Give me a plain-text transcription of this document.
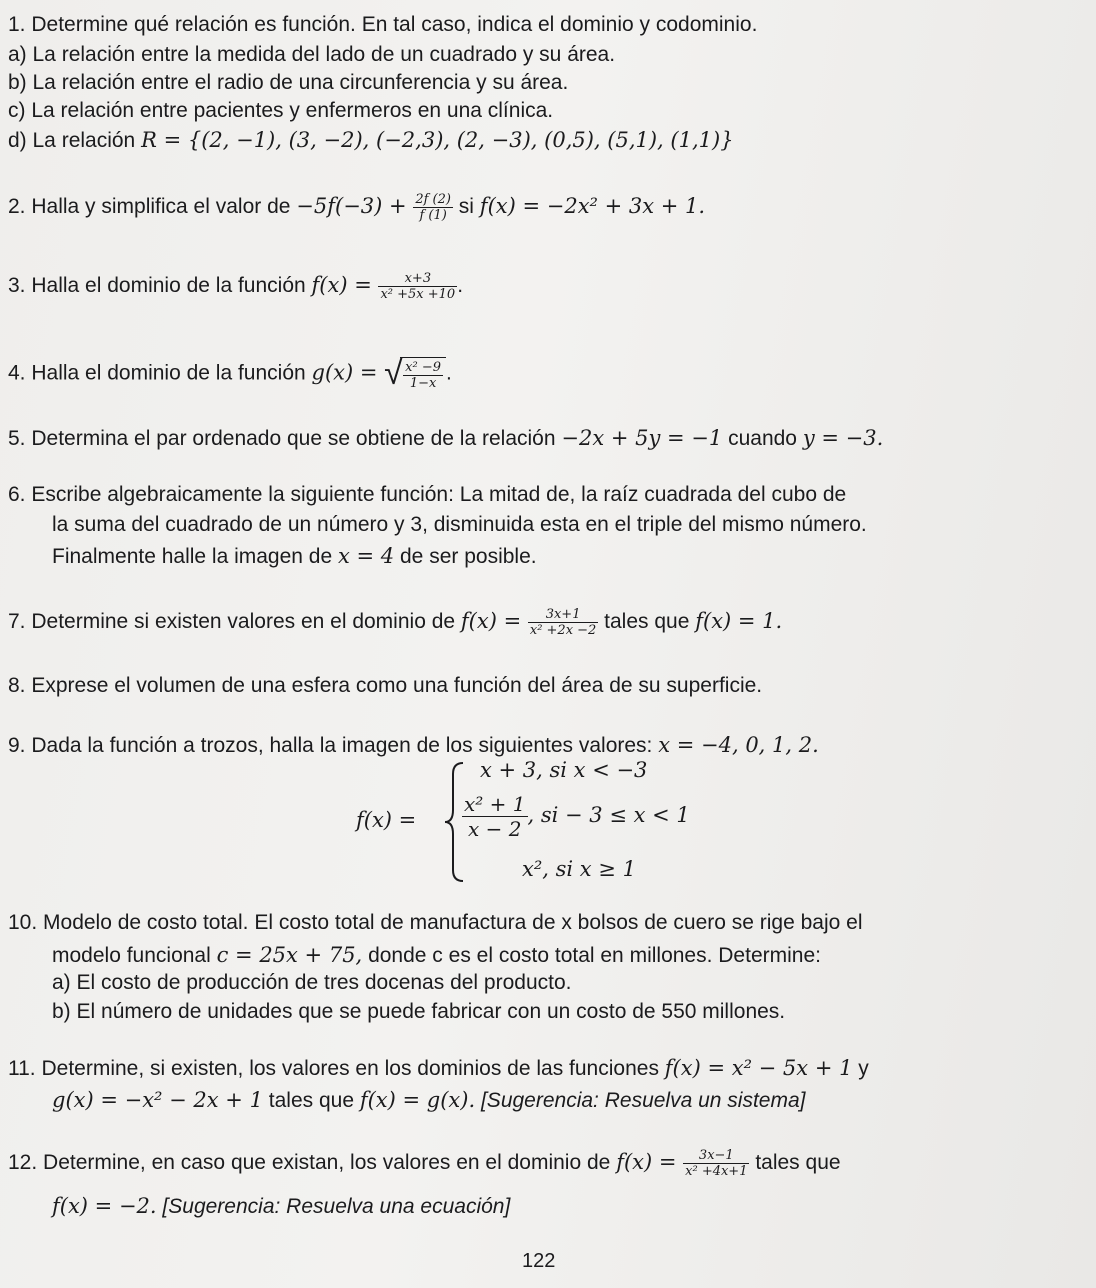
1. Determine qué relación es función. En tal caso, indica el dominio y codominio.
a) La relación entre la medida del lado de un cuadrado y su área.
b) La relación entre el radio de una circunferencia y su área.
c) La relación entre pacientes y enfermeros en una clínica.
d) La relación R = {(2, −1), (3, −2), (−2,3), (2, −3), (0,5), (5,1), (1,1)}
2. Halla y simplifica el valor de $-5f(-3) + \frac{2f (2)}{f (1)}$ si f(x) = −2x² + 3x + 1.
3. Halla el dominio de la función $f(x) = \frac{x+3}{\text{x² +5x +10}}$ .
4. Halla el dominio de la función g(x) = √ $\frac{\text{x² −9}}{1-x}$ .
5. Determina el par ordenado que se obtiene de la relación −2x + 5y = −1 cuando y = −3.
6. Escribe algebraicamente la siguiente función: La mitad de, la raíz cuadrada del cubo de
la suma del cuadrado de un número y 3, disminuida esta en el triple del mismo número.
Finalmente halle la imagen de x = 4 de ser posible.
7. Determine si existen valores en el dominio de $f(x) = \frac{3x+1}{\text{x² +2x −2}}$ tales que f(x) = 1.
8. Exprese el volumen de una esfera como una función del área de su superficie.
9. Dada la función a trozos, halla la imagen de los siguientes valores: x = −4, 0, 1, 2.
f(x) =
x + 3, si x < −3
$\frac{\text{x² + 1}}{x - 2}$ , si − 3 ≤ x < 1
x², si x ≥ 1
10. Modelo de costo total. El costo total de manufactura de x bolsos de cuero se rige bajo el
modelo funcional c = 25x + 75, donde c es el costo total en millones. Determine:
a) El costo de producción de tres docenas del producto.
b) El número de unidades que se puede fabricar con un costo de 550 millones.
11. Determine, si existen, los valores en los dominios de las funciones f(x) = x² − 5x + 1 y
g(x) = −x² − 2x + 1 tales que f(x) = g(x). [Sugerencia: Resuelva un sistema]
12. Determine, en caso que existan, los valores en el dominio de $f(x) = \frac{3x-1}{\text{x² +4x+1}}$ tales que
f(x) = −2. [Sugerencia: Resuelva una ecuación]
122
